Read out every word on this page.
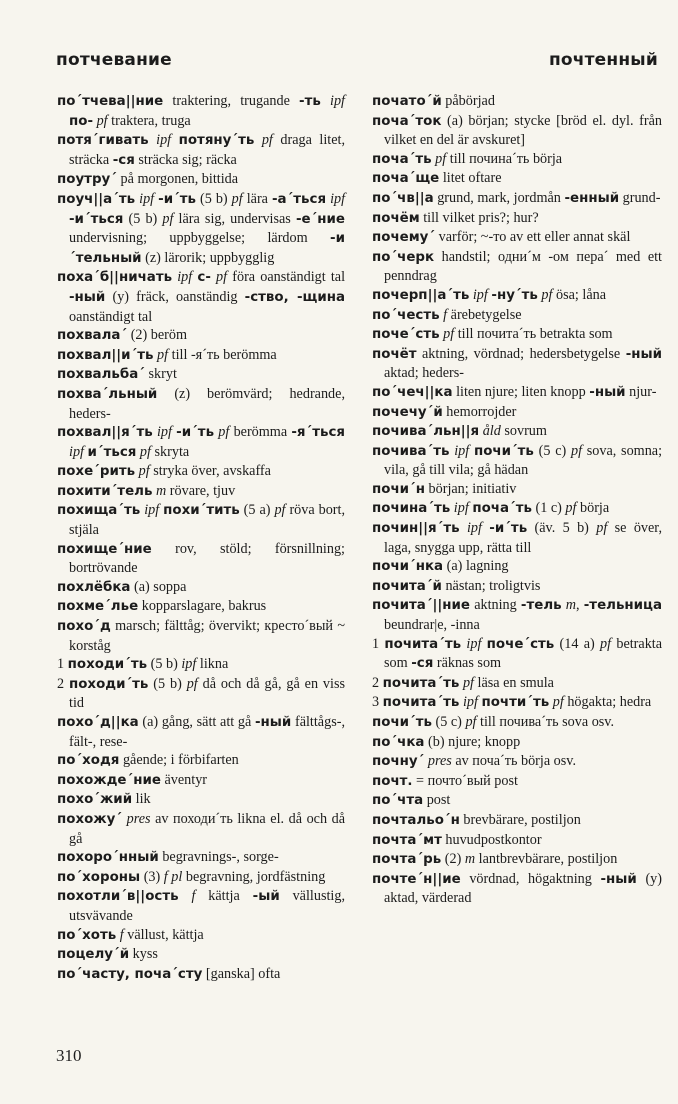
потчевание	почтенный

по´тчева||ние traktering, trugande -ть ipf по- pf traktera, truga

потя´гивать ipf потяну´ть pf draga litet, sträcka -ся sträcka sig; räcka

поутру´ på morgonen, bittida

поуч||а´ть ipf -и´ть (5 b) pf lära -а´ться ipf -и´ться (5 b) pf lära sig, undervisas -е´ние undervisning; uppbyggelse; lärdom -и´тельный (z) lärorik; uppbygglig

поха´б||ничать ipf с- pf föra oanständigt tal -ный (y) fräck, oanständig -ство, -щина oanständigt tal

похвала´ (2) beröm

похвал||и´ть pf till -я´ть berömma

похвальба´ skryt

похва´льный (z) berömvärd; hedrande, heders-

похвал||я´ть ipf -и´ть pf berömma -я´ться ipf и´ться pf skryta

похе´рить pf stryka över, avskaffa

похити´тель m rövare, tjuv

похища´ть ipf похи´тить (5 a) pf röva bort, stjäla

похище´ние rov, stöld; försnillning; bortrövande

похлёбка (a) soppa

похме´лье kopparslagare, bakrus

похо´д marsch; fälttåg; övervikt; кресто´вый ~ korståg

1 походи´ть (5 b) ipf likna

2 походи´ть (5 b) pf då och då gå, gå en viss tid

похо´д||ка (a) gång, sätt att gå -ный fälttågs-, fält-, rese-

по´ходя gående; i förbifarten

похожде´ние äventyr

похо´жий lik

похожу´ pres av походи´ть likna el. då och då gå

похоро´нный begravnings-, sorge-

по´хороны (3) f pl begravning, jordfästning

похотли´в||ость f kättja -ый vällustig, utsvävande

по´хоть f vällust, kättja

поцелу´й kyss

по´часту, поча´сту [ganska] ofta

почато´й påbörjad

поча´ток (a) början; stycke [bröd el. dyl. från vilket en del är avskuret]

поча´ть pf till почина´ть börja

поча´ще litet oftare

по´чв||а grund, mark, jordmån -енный grund-

почём till vilket pris?; hur?

почему´ varför; ~-то av ett eller annat skäl

по´черк handstil; одни´м -ом пера´ med ett penndrag

почерп||а´ть ipf -ну´ть pf ösa; låna

по´честь f ärebetygelse

поче´сть pf till почита´ть betrakta som

почёт aktning, vördnad; hedersbetygelse -ный aktad; heders-

по´чеч||ка liten njure; liten knopp -ный njur-

почечу´й hemorrojder

почива´льн||я åld sovrum

почива´ть ipf почи´ть (5 c) pf sova, somna; vila, gå till vila; gå hädan

почи´н början; initiativ

почина´ть ipf поча´ть (1 c) pf börja

почин||я´ть ipf -и´ть (äv. 5 b) pf se över, laga, snygga upp, rätta till

почи´нка (a) lagning

почита´й nästan; troligtvis

почита´||ние aktning -тель m, -тельница beundrar|e, -inna

1 почита´ть ipf поче´сть (14 a) pf betrakta som -ся räknas som

2 почита´ть pf läsa en smula

3 почита´ть ipf почти´ть pf högakta; hedra

почи´ть (5 c) pf till почива´ть sova osv.

по´чка (b) njure; knopp

почну´ pres av поча´ть börja osv.

почт. = почто´вый post

по´чта post

почтальо´н brevbärare, postiljon

почта´мт huvudpostkontor

почта´рь (2) m lantbrevbärare, postiljon

почте´н||ие vördnad, högaktning -ный (y) aktad, värderad

310
